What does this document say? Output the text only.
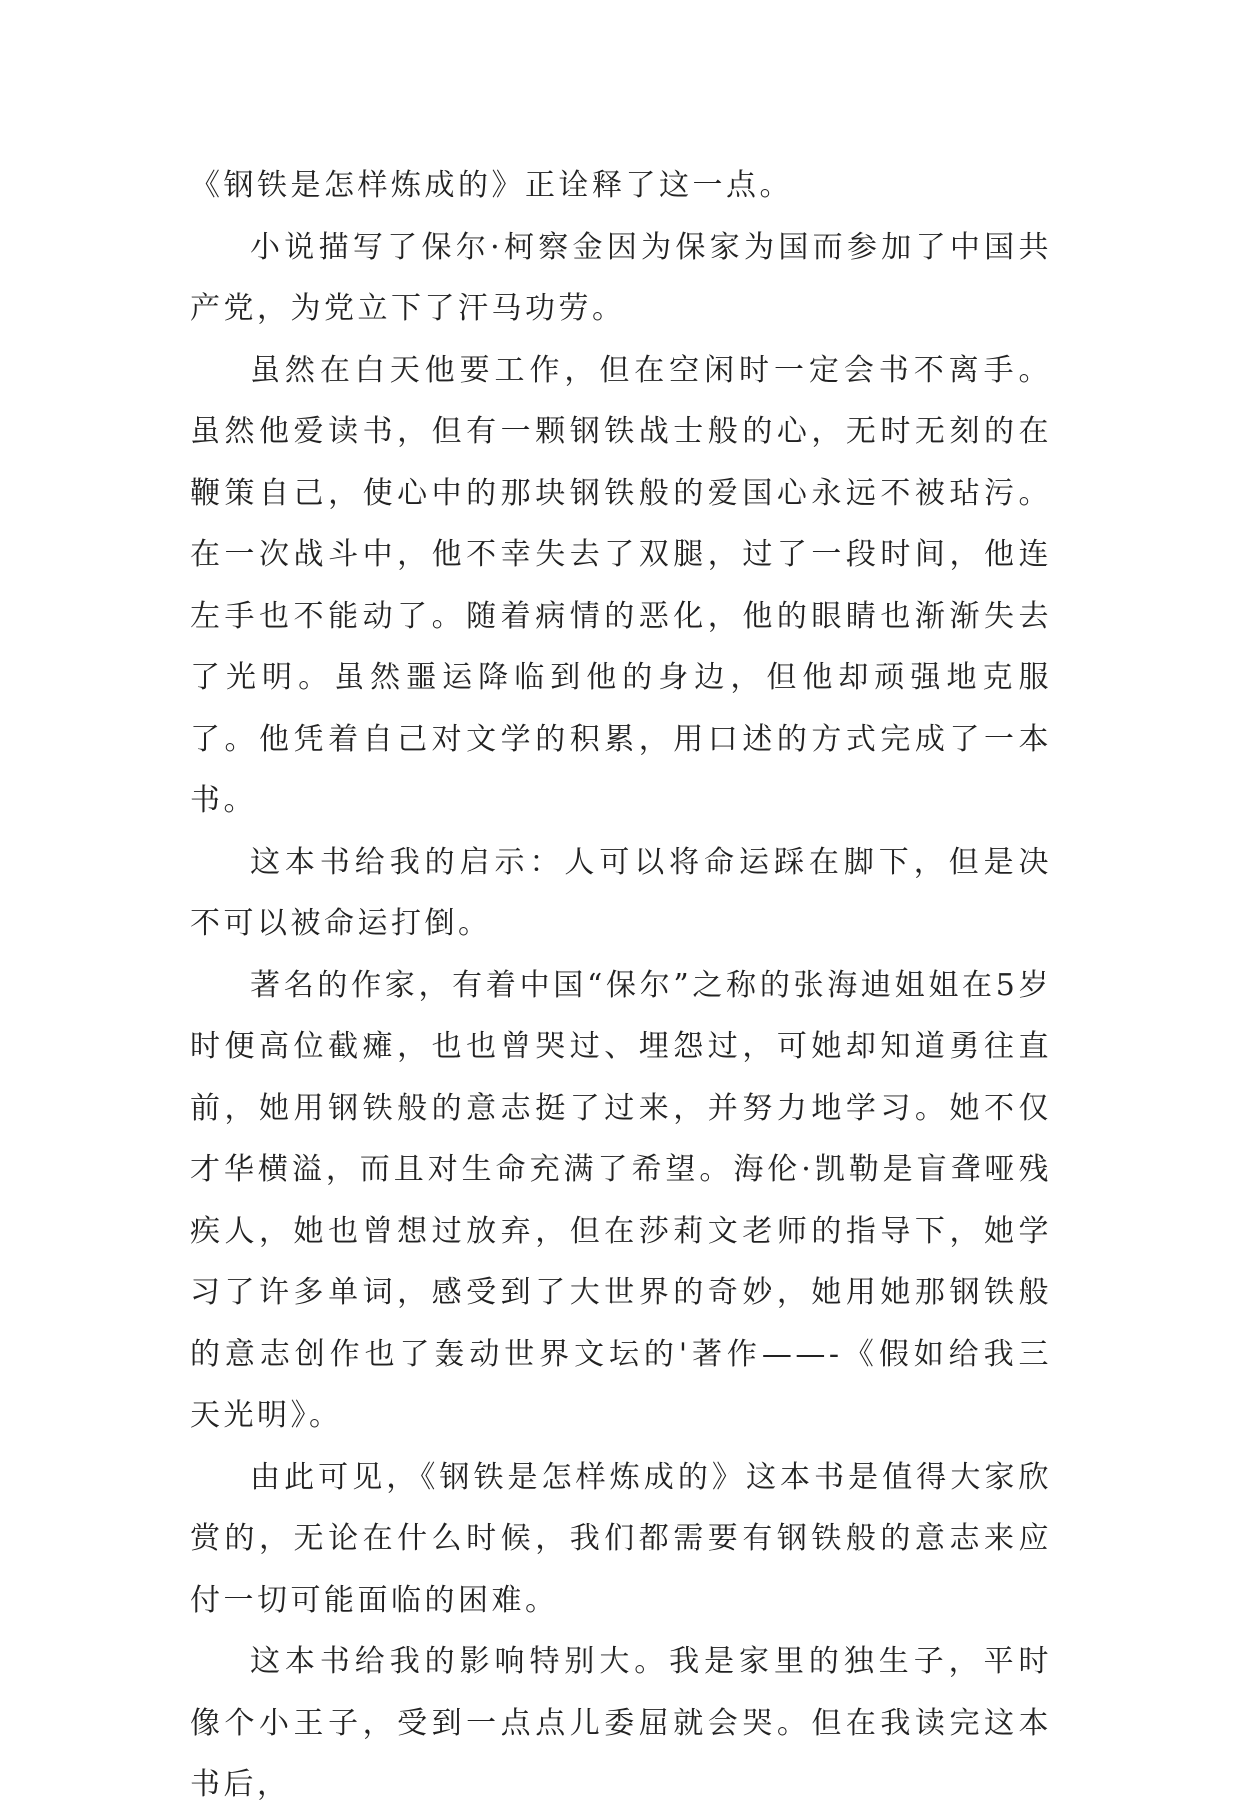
《钢铁是怎样炼成的》正诠释了这一点。

小说描写了保尔·柯察金因为保家为国而参加了中国共产党，为党立下了汗马功劳。

虽然在白天他要工作，但在空闲时一定会书不离手。虽然他爱读书，但有一颗钢铁战士般的心，无时无刻的在鞭策自己，使心中的那块钢铁般的爱国心永远不被玷污。在一次战斗中，他不幸失去了双腿，过了一段时间，他连左手也不能动了。随着病情的恶化，他的眼睛也渐渐失去了光明。虽然噩运降临到他的身边，但他却顽强地克服了。他凭着自己对文学的积累，用口述的方式完成了一本书。

这本书给我的启示：人可以将命运踩在脚下，但是决不可以被命运打倒。

著名的作家，有着中国“保尔”之称的张海迪姐姐在5岁时便高位截瘫，也也曾哭过、埋怨过，可她却知道勇往直前，她用钢铁般的意志挺了过来，并努力地学习。她不仅才华横溢，而且对生命充满了希望。海伦·凯勒是盲聋哑残疾人，她也曾想过放弃，但在莎莉文老师的指导下，她学习了许多单词，感受到了大世界的奇妙，她用她那钢铁般的意志创作也了轰动世界文坛的'著作——-《假如给我三天光明》。

由此可见，《钢铁是怎样炼成的》这本书是值得大家欣赏的，无论在什么时候，我们都需要有钢铁般的意志来应付一切可能面临的困难。

这本书给我的影响特别大。我是家里的独生子，平时像个小王子，受到一点点儿委屈就会哭。但在我读完这本书后，
